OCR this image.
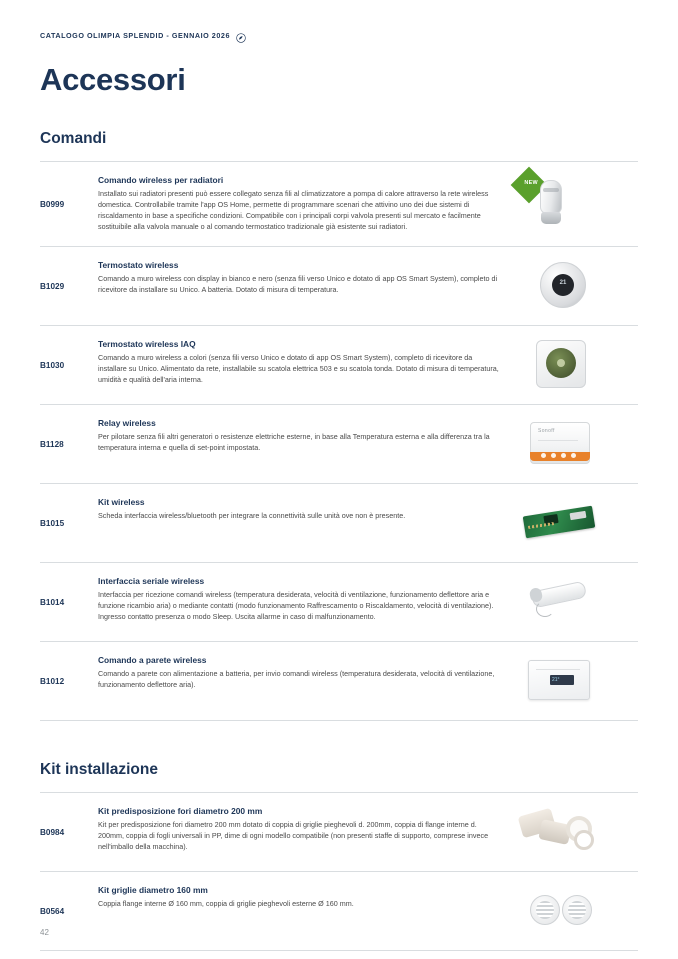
CATALOGO OLIMPIA SPLENDID - GENNAIO 2026
Accessori
Comandi
B0999
Comando wireless per radiatori
Installato sui radiatori presenti può essere collegato senza fili al climatizzatore a pompa di calore attraverso la rete wireless domestica. Controllabile tramite l'app OS Home, permette di programmare scenari che attivino uno dei due sistemi di riscaldamento in base a specifiche condizioni. Compatibile con i principali corpi valvola presenti sul mercato e facilmente sostituibile alla valvola manuale o al comando termostatico tradizionale già esistente sui radiatori.
NEW
B1029
Termostato wireless
Comando a muro wireless con display in bianco e nero (senza fili verso Unico e dotato di app OS Smart System), completo di ricevitore da installare su Unico. A batteria. Dotato di misura di temperatura.
21
B1030
Termostato wireless IAQ
Comando a muro wireless a colori (senza fili verso Unico e dotato di app OS Smart System), completo di ricevitore da installare su Unico. Alimentato da rete, installabile su scatola elettrica 503 e su scatola tonda. Dotato di misura di temperatura, umidità e qualità dell'aria interna.
B1128
Relay wireless
Per pilotare senza fili altri generatori o resistenze elettriche esterne, in base alla Temperatura esterna e alla differenza tra la temperatura interna e quella di set-point impostata.
Sonoff
B1015
Kit wireless
Scheda interfaccia wireless/bluetooth per integrare la connettività sulle unità ove non è presente.
B1014
Interfaccia seriale wireless
Interfaccia per ricezione comandi wireless (temperatura desiderata, velocità di ventilazione, funzionamento deflettore aria e funzione ricambio aria) o mediante contatti (modo funzionamento Raffrescamento o Riscaldamento, velocità di ventilazione). Ingresso contatto presenza o modo Sleep. Uscita allarme in caso di malfunzionamento.
B1012
Comando a parete wireless
Comando a parete con alimentazione a batteria, per invio comandi wireless (temperatura desiderata, velocità di ventilazione, funzionamento deflettore aria).
21°
Kit installazione
B0984
Kit predisposizione fori diametro 200 mm
Kit per predisposizione fori diametro 200 mm dotato di coppia di griglie pieghevoli d. 200mm, coppia di flange interne d. 200mm, coppia di fogli universali in PP, dime di ogni modello compatibile (non presenti staffe di supporto, comprese invece nell'imballo della macchina).
B0564
Kit griglie diametro 160 mm
Coppia flange interne Ø 160 mm, coppia di griglie pieghevoli esterne Ø 160 mm.
42
